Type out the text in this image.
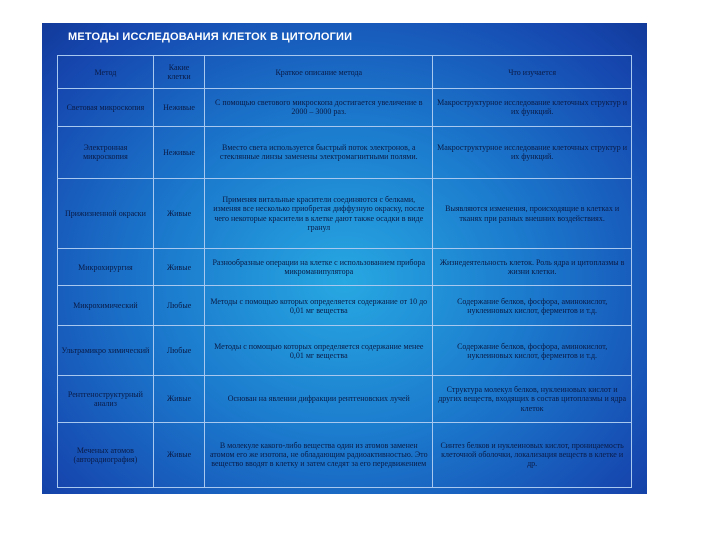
МЕТОДЫ ИССЛЕДОВАНИЯ КЛЕТОК В ЦИТОЛОГИИ
Метод	Какие клетки	Краткое описание метода	Что изучается
Световая микроскопия	Неживые	С помощью светового микроскопа достигается увеличение в 2000 – 3000 раз.	Макроструктурное исследование клеточных структур и их функций.
Электронная микроскопия	Неживые	Вместо света используется быстрый поток электронов, а стеклянные линзы заменены электромагнитными полями.	Макроструктурное исследование клеточных структур и их функций.
Прижизненной окраски	Живые	Применяя витальные красители соединяются с белками, изменяя все несколько приобретая диффузную окраску, после чего некоторые красители в клетке дают также осадки в виде гранул	Выявляются изменения, происходящие в клетках и тканях при разных внешних воздействиях.
Микрохирургия	Живые	Разнообразные операции на клетке с использованием прибора микроманипулятора	Жизнедеятельность клеток. Роль ядра и цитоплазмы в жизни клетки.
Микрохимический	Любые	Методы с помощью которых определяется содержание от 10 до 0,01 мг вещества	Содержание белков, фосфора, аминокислот, нуклеиновых кислот, ферментов и т.д.
Ультрамикро химический	Любые	Методы с помощью которых определяется содержание менее 0,01 мг вещества	Содержание белков, фосфора, аминокислот, нуклеиновых кислот, ферментов и т.д.
Рентгеноструктурный анализ	Живые	Основан на явлении дифракции рентгеновских лучей	Структура молекул белков, нуклеиновых кислот и других веществ, входящих в состав цитоплазмы и ядра клеток
Меченых атомов (авторадиография)	Живые	В молекуле какого-либо вещества один из атомов заменен атомом его же изотопа, не обладающим радиоактивностью. Это вещество вводят в клетку и затем следят за его передвижением	Синтез белков и нуклеиновых кислот, проницаемость клеточной оболочки, локализация веществ в клетке и др.
